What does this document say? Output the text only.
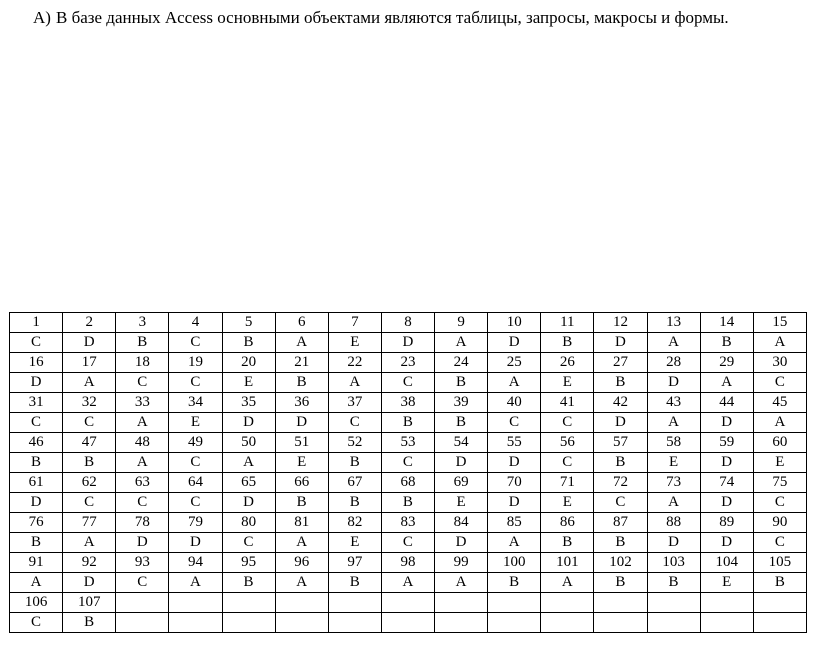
A) В базе данных Access основными объектами являются таблицы, запросы, макросы и формы.
1	2	3	4	5	6	7	8	9	10	11	12	13	14	15
C	D	B	C	B	A	E	D	A	D	B	D	A	B	A
16	17	18	19	20	21	22	23	24	25	26	27	28	29	30
D	A	C	C	E	B	A	C	B	A	E	B	D	A	C
31	32	33	34	35	36	37	38	39	40	41	42	43	44	45
C	C	A	E	D	D	C	B	B	C	C	D	A	D	A
46	47	48	49	50	51	52	53	54	55	56	57	58	59	60
B	B	A	C	A	E	B	C	D	D	C	B	E	D	E
61	62	63	64	65	66	67	68	69	70	71	72	73	74	75
D	C	C	C	D	B	B	B	E	D	E	C	A	D	C
76	77	78	79	80	81	82	83	84	85	86	87	88	89	90
B	A	D	D	C	A	E	C	D	A	B	B	D	D	C
91	92	93	94	95	96	97	98	99	100	101	102	103	104	105
A	D	C	A	B	A	B	A	A	B	A	B	B	E	B
106	107													
C	B													
